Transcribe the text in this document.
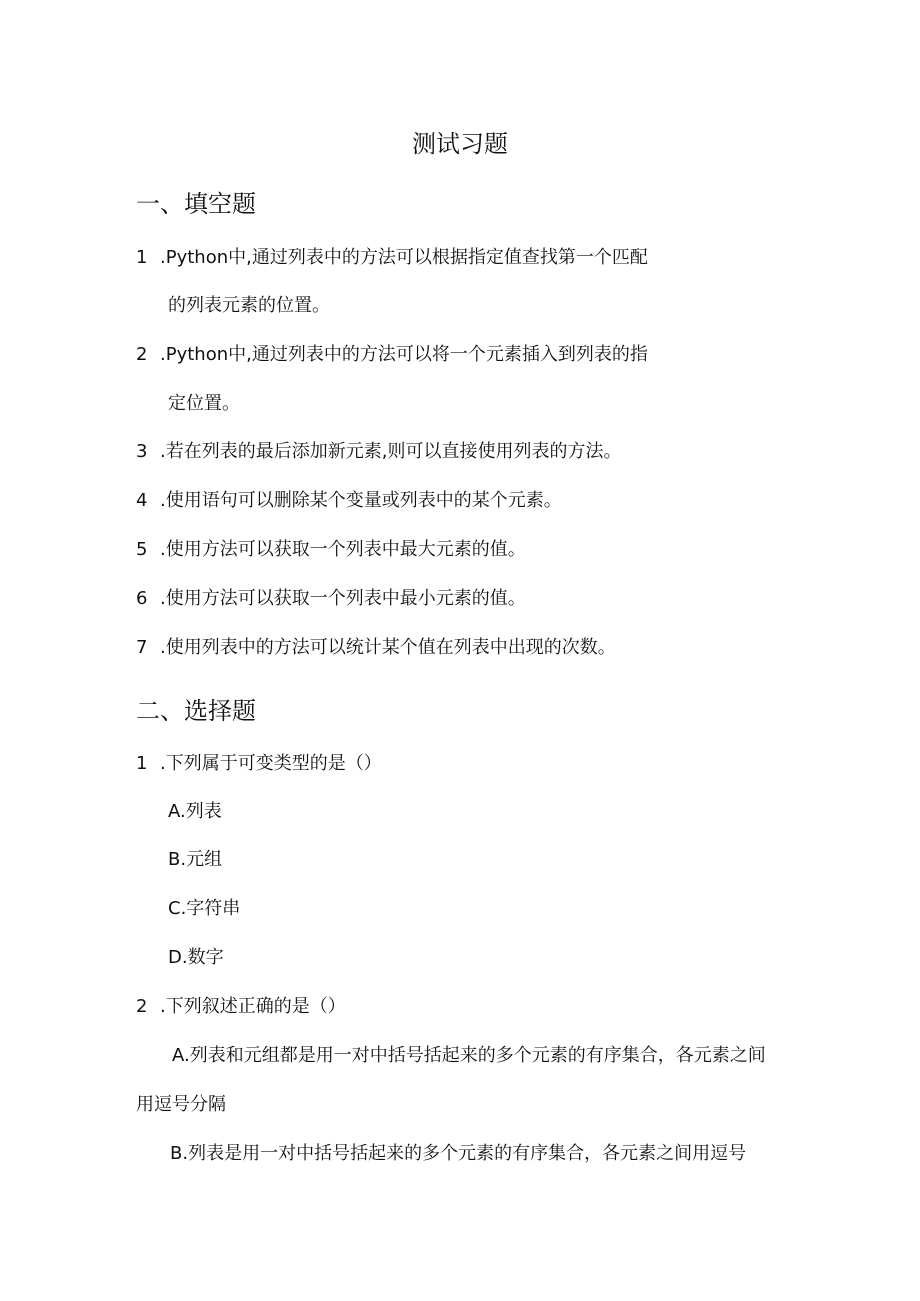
测试习题
一、填空题
1 .Python中,通过列表中的方法可以根据指定值查找第一个匹配
的列表元素的位置。
2 .Python中,通过列表中的方法可以将一个元素插入到列表的指
定位置。
3 .若在列表的最后添加新元素,则可以直接使用列表的方法。
4 .使用语句可以删除某个变量或列表中的某个元素。
5 .使用方法可以获取一个列表中最大元素的值。
6 .使用方法可以获取一个列表中最小元素的值。
7 .使用列表中的方法可以统计某个值在列表中出现的次数。
二、选择题
1 .下列属于可变类型的是（）
A.列表
B.元组
C.字符串
D.数字
2 .下列叙述正确的是（）
A.列表和元组都是用一对中括号括起来的多个元素的有序集合，各元素之间
用逗号分隔
B.列表是用一对中括号括起来的多个元素的有序集合，各元素之间用逗号
